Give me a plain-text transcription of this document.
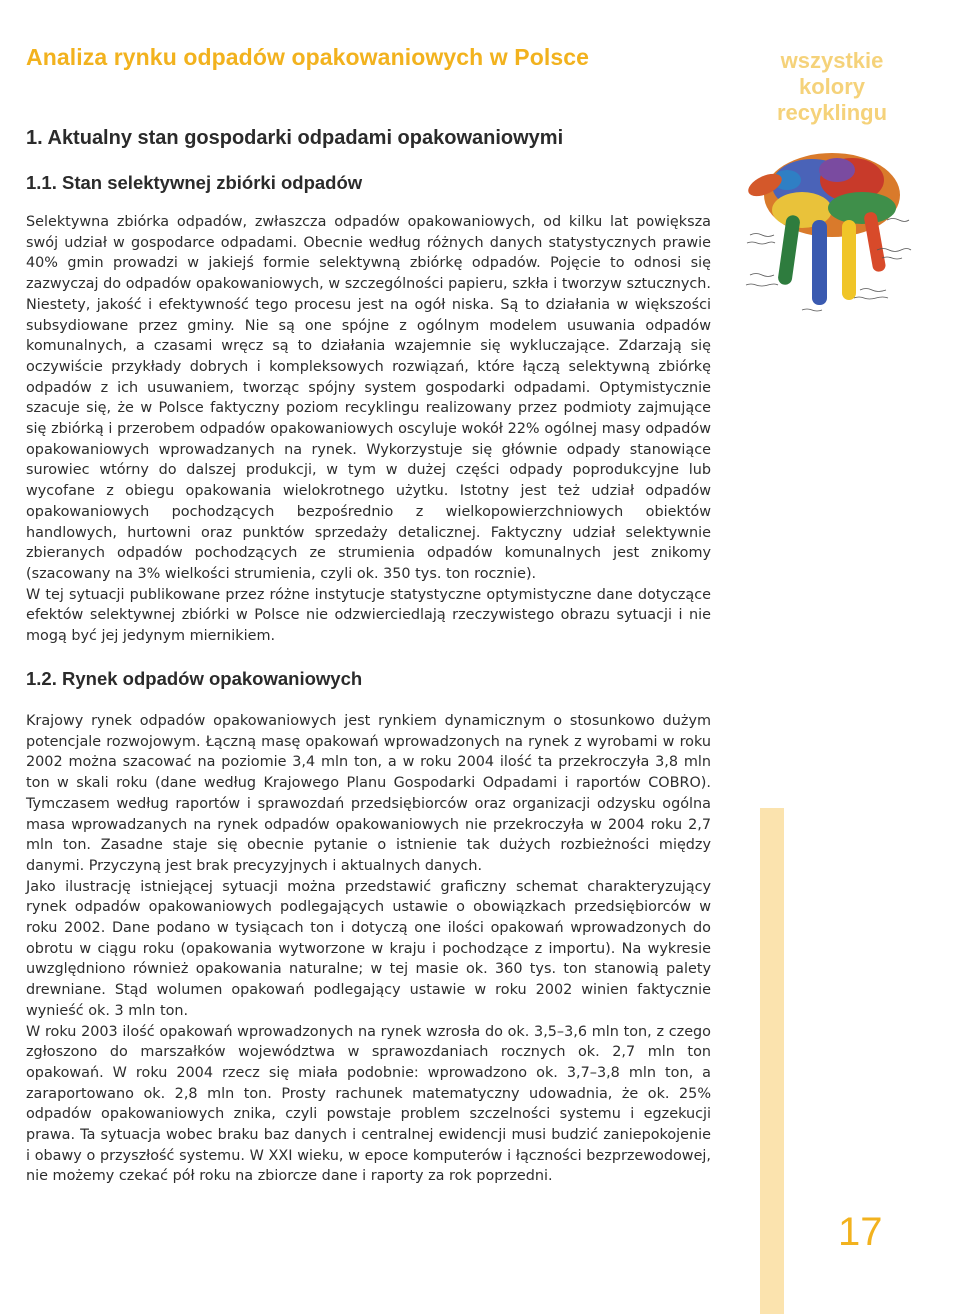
Analiza rynku odpadów opakowaniowych w Polsce	wszystkie
kolory
recyklingu
1. Aktualny stan gospodarki odpadami opakowaniowymi
1.1. Stan selektywnej zbiórki odpadów

Selektywna zbiórka odpadów, zwłaszcza odpadów opakowaniowych, od kilku lat powiększa swój udział w gospodarce odpadami. Obecnie według różnych danych statystycznych prawie 40% gmin prowadzi w jakiejś formie selektywną zbiórkę odpadów. Pojęcie to odnosi się zazwyczaj do odpadów opakowaniowych, w szczególności papieru, szkła i tworzyw sztucznych. Niestety, jakość i efektywność tego procesu jest na ogół niska. Są to działania w większości subsydiowane przez gminy. Nie są one spójne z ogólnym modelem usuwania odpadów komunalnych, a czasami wręcz są to działania wzajemnie się wykluczające. Zdarzają się oczywiście przykłady dobrych i kompleksowych rozwiązań, które łączą selektywną zbiórkę odpadów z ich usuwaniem, tworząc spójny system gospodarki odpadami. Optymistycznie szacuje się, że w Polsce faktyczny poziom recyklingu realizowany przez podmioty zajmujące się zbiórką i przerobem odpadów opakowaniowych oscyluje wokół 22% ogólnej masy odpadów opakowaniowych wprowadzanych na rynek. Wykorzystuje się głównie odpady stanowiące surowiec wtórny do dalszej produkcji, w tym w dużej części odpady poprodukcyjne lub wycofane z obiegu opakowania wielokrotnego użytku. Istotny jest też udział odpadów opakowaniowych pochodzących bezpośrednio z wielkopowierzchniowych obiektów handlowych, hurtowni oraz punktów sprzedaży detalicznej. Faktyczny udział selektywnie zbieranych odpadów pochodzących ze strumienia odpadów komunalnych jest znikomy (szacowany na 3% wielkości strumienia, czyli ok. 350 tys. ton rocznie).

W tej sytuacji publikowane przez różne instytucje statystyczne optymistyczne dane dotyczące efektów selektywnej zbiórki w Polsce nie odzwierciedlają rzeczywistego obrazu sytuacji i nie mogą być jej jedynym miernikiem.

1.2. Rynek odpadów opakowaniowych

Krajowy rynek odpadów opakowaniowych jest rynkiem dynamicznym o stosunkowo dużym potencjale rozwojowym. Łączną masę opakowań wprowadzonych na rynek z wyrobami w roku 2002 można szacować na poziomie 3,4 mln ton, a w roku 2004 ilość ta przekroczyła 3,8 mln ton w skali roku (dane według Krajowego Planu Gospodarki Odpadami i raportów COBRO). Tymczasem według raportów i sprawozdań przedsiębiorców oraz organizacji odzysku ogólna masa wprowadzanych na rynek odpadów opakowaniowych nie przekroczyła w 2004 roku 2,7 mln ton. Zasadne staje się obecnie pytanie o istnienie tak dużych rozbieżności między danymi. Przyczyną jest brak precyzyjnych i aktualnych danych.

Jako ilustrację istniejącej sytuacji można przedstawić graficzny schemat charakteryzujący rynek odpadów opakowaniowych podlegających ustawie o obowiązkach przedsiębiorców w roku 2002. Dane podano w tysiącach ton i dotyczą one ilości opakowań wprowadzonych do obrotu w ciągu roku (opakowania wytworzone w kraju i pochodzące z importu). Na wykresie uwzględniono również opakowania naturalne; w tej masie ok. 360 tys. ton stanowią palety drewniane. Stąd wolumen opakowań podlegający ustawie w roku 2002 winien faktycznie wynieść ok. 3 mln ton.

W roku 2003 ilość opakowań wprowadzonych na rynek wzrosła do ok. 3,5–3,6 mln ton, z czego zgłoszono do marszałków województwa w sprawozdaniach rocznych ok. 2,7 mln ton opakowań. W roku 2004 rzecz się miała podobnie: wprowadzono ok. 3,7–3,8 mln ton, a zaraportowano ok. 2,8 mln ton. Prosty rachunek matematyczny udowadnia, że ok. 25% odpadów opakowaniowych znika, czyli powstaje problem szczelności systemu i egzekucji prawa. Ta sytuacja wobec braku baz danych i centralnej ewidencji musi budzić zaniepokojenie i obawy o przyszłość systemu. W XXI wieku, w epoce komputerów i łączności bezprzewodowej, nie możemy czekać pół roku na zbiorcze dane i raporty za rok poprzedni.

17
